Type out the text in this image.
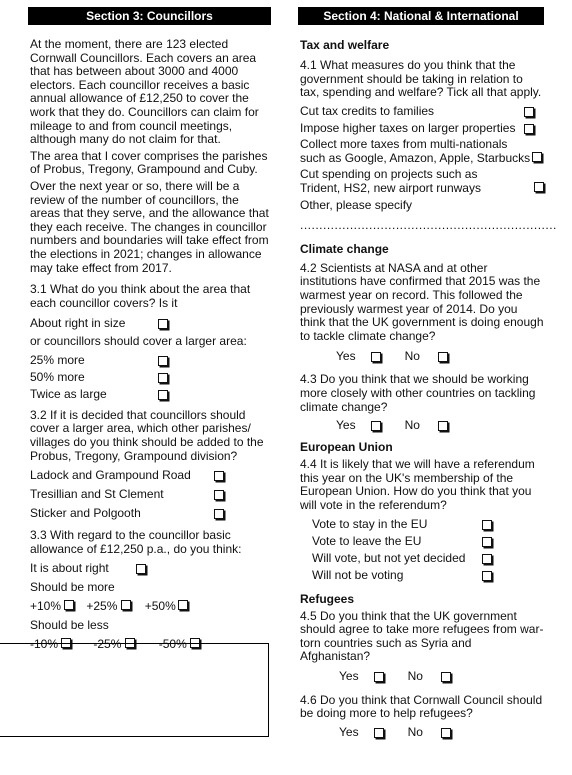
Section 3: Councillors

At the moment, there are 123 elected Cornwall Councillors. Each covers an area that has between about 3000 and 4000 electors. Each councillor receives a basic annual allowance of £12,250 to cover the work that they do. Councillors can claim for mileage to and from council meetings, although many do not claim for that.

The area that I cover comprises the parishes of Probus, Tregony, Grampound and Cuby.

Over the next year or so, there will be a review of the number of councillors, the areas that they serve, and the allowance that they each receive. The changes in councillor numbers and boundaries will take effect from the elections in 2021; changes in allowance may take effect from 2017.

3.1 What do you think about the area that each councillor covers? Is it

About right in size

or councillors should cover a larger area:

25% more
50% more
Twice as large

3.2 If it is decided that councillors should cover a larger area, which other parishes/ villages do you think should be added to the Probus, Tregony, Grampound division?

Ladock and Grampound Road
Tresillian and St Clement
Sticker and Polgooth

3.3 With regard to the councillor basic allowance of £12,250 p.a., do you think:

It is about right
Should be more
+10%	+25%	+50%
Should be less
-10%	-25%	-50%
Section 4: National & International
Tax and welfare

4.1 What measures do you think that the government should be taking in relation to tax, spending and welfare? Tick all that apply.

Cut tax credits to families
Impose higher taxes on larger properties
Collect more taxes from multi-nationals such as Google, Amazon, Apple, Starbucks
Cut spending on projects such as Trident, HS2, new airport runways
Other, please specify
...................................................................
Climate change

4.2 Scientists at NASA and at other institutions have confirmed that 2015 was the warmest year on record. This followed the previously warmest year of 2014. Do you think that the UK government is doing enough to tackle climate change?

Yes	No

4.3 Do you think that we should be working more closely with other countries on tackling climate change?

Yes	No
European Union

4.4 It is likely that we will have a referendum this year on the UK's membership of the European Union. How do you think that you will vote in the referendum?

Vote to stay in the EU
Vote to leave the EU
Will vote, but not yet decided
Will not be voting
Refugees

4.5 Do you think that the UK government should agree to take more refugees from war-torn countries such as Syria and Afghanistan?

Yes	No

4.6 Do you think that Cornwall Council should be doing more to help refugees?

Yes	No
